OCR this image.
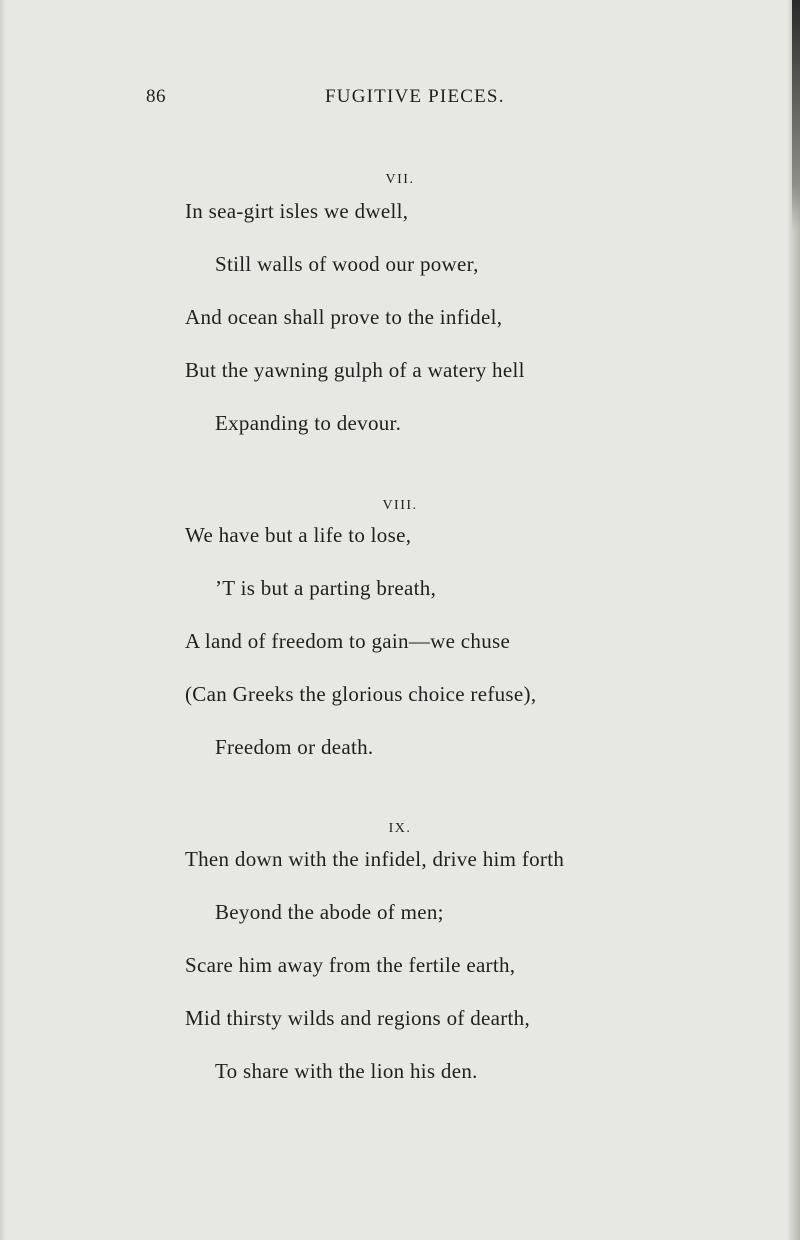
86	FUGITIVE PIECES.
VII.
In sea-girt isles we dwell,
Still walls of wood our power,
And ocean shall prove to the infidel,
But the yawning gulph of a watery hell
Expanding to devour.
VIII.
We have but a life to lose,
’T is but a parting breath,
A land of freedom to gain—we chuse
(Can Greeks the glorious choice refuse),
Freedom or death.
IX.
Then down with the infidel, drive him forth
Beyond the abode of men;
Scare him away from the fertile earth,
Mid thirsty wilds and regions of dearth,
To share with the lion his den.
